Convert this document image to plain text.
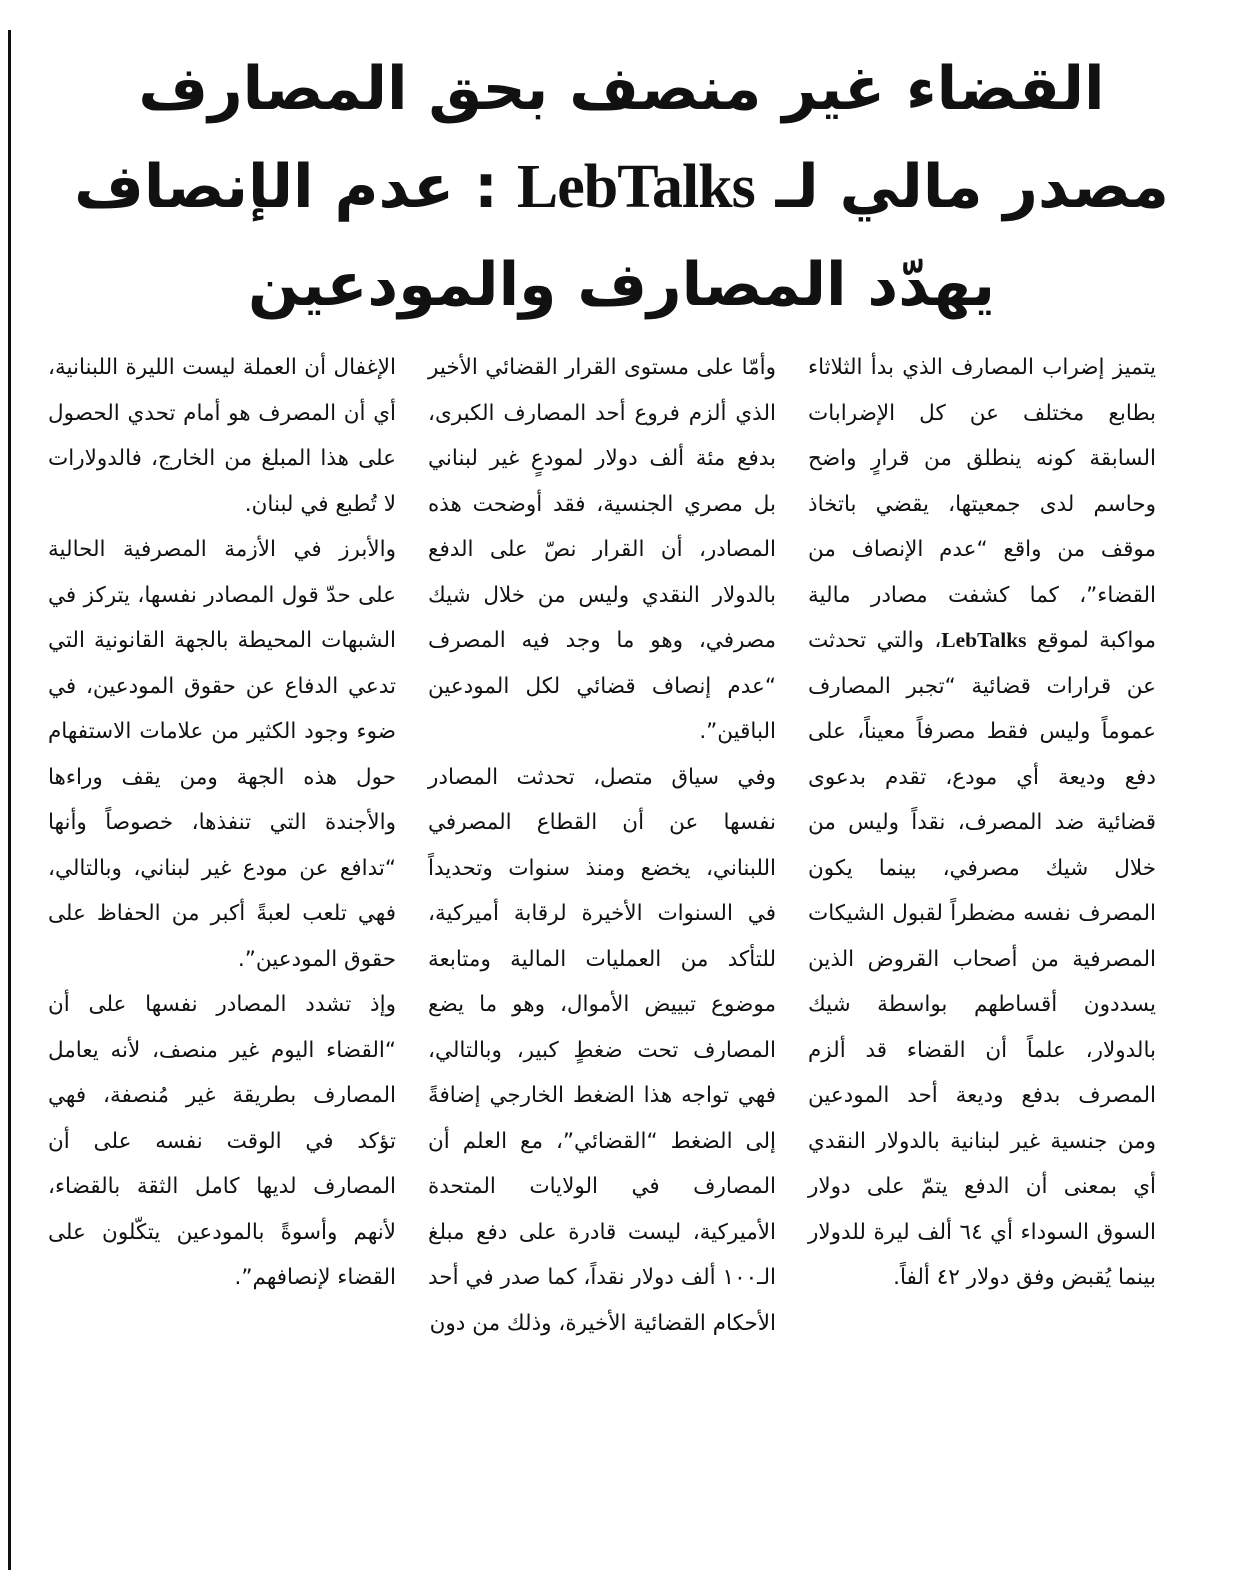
القضاء غير منصف بحق المصارف
مصدر مالي لـ LebTalks : عدم الإنصاف
يهدّد المصارف والمودعين

يتميز إضراب المصارف الذي بدأ الثلاثاء بطابع مختلف عن كل الإضرابات السابقة كونه ينطلق من قرارٍ واضح وحاسم لدى جمعيتها، يقضي باتخاذ موقف من واقع “عدم الإنصاف من القضاء”، كما كشفت مصادر مالية مواكبة لموقع LebTalks، والتي تحدثت عن قرارات قضائية “تجبر المصارف عموماً وليس فقط مصرفاً معيناً، على دفع وديعة أي مودع، تقدم بدعوى قضائية ضد المصرف، نقداً وليس من خلال شيك مصرفي، بينما يكون المصرف نفسه مضطراً لقبول الشيكات المصرفية من أصحاب القروض الذين يسددون أقساطهم بواسطة شيك بالدولار، علماً أن القضاء قد ألزم المصرف بدفع وديعة أحد المودعين ومن جنسية غير لبنانية بالدولار النقدي أي بمعنى أن الدفع يتمّ على دولار السوق السوداء أي ٦٤ ألف ليرة للدولار بينما يُقبض وفق دولار ٤٢ ألفاً.

وأمّا على مستوى القرار القضائي الأخير الذي ألزم فروع أحد المصارف الكبرى، بدفع مئة ألف دولار لمودعٍ غير لبناني بل مصري الجنسية، فقد أوضحت هذه المصادر، أن القرار نصّ على الدفع بالدولار النقدي وليس من خلال شيك مصرفي، وهو ما وجد فيه المصرف “عدم إنصاف قضائي لكل المودعين الباقين”.

وفي سياق متصل، تحدثت المصادر نفسها عن أن القطاع المصرفي اللبناني، يخضع ومنذ سنوات وتحديداً في السنوات الأخيرة لرقابة أميركية، للتأكد من العمليات المالية ومتابعة موضوع تبييض الأموال، وهو ما يضع المصارف تحت ضغطٍ كبير، وبالتالي، فهي تواجه هذا الضغط الخارجي إضافةً إلى الضغط “القضائي”، مع العلم أن المصارف في الولايات المتحدة الأميركية، ليست قادرة على دفع مبلغ الـ١٠٠ ألف دولار نقداً، كما صدر في أحد الأحكام القضائية الأخيرة، وذلك من دون

الإغفال أن العملة ليست الليرة اللبنانية، أي أن المصرف هو أمام تحدي الحصول على هذا المبلغ من الخارج، فالدولارات لا تُطبع في لبنان.

والأبرز في الأزمة المصرفية الحالية على حدّ قول المصادر نفسها، يتركز في الشبهات المحيطة بالجهة القانونية التي تدعي الدفاع عن حقوق المودعين، في ضوء وجود الكثير من علامات الاستفهام حول هذه الجهة ومن يقف وراءها والأجندة التي تنفذها، خصوصاً وأنها “تدافع عن مودع غير لبناني، وبالتالي، فهي تلعب لعبةً أكبر من الحفاظ على حقوق المودعين”.

وإذ تشدد المصادر نفسها على أن “القضاء اليوم غير منصف، لأنه يعامل المصارف بطريقة غير مُنصفة، فهي تؤكد في الوقت نفسه على أن المصارف لديها كامل الثقة بالقضاء، لأنهم وأسوةً بالمودعين يتكّلون على القضاء لإنصافهم”.
